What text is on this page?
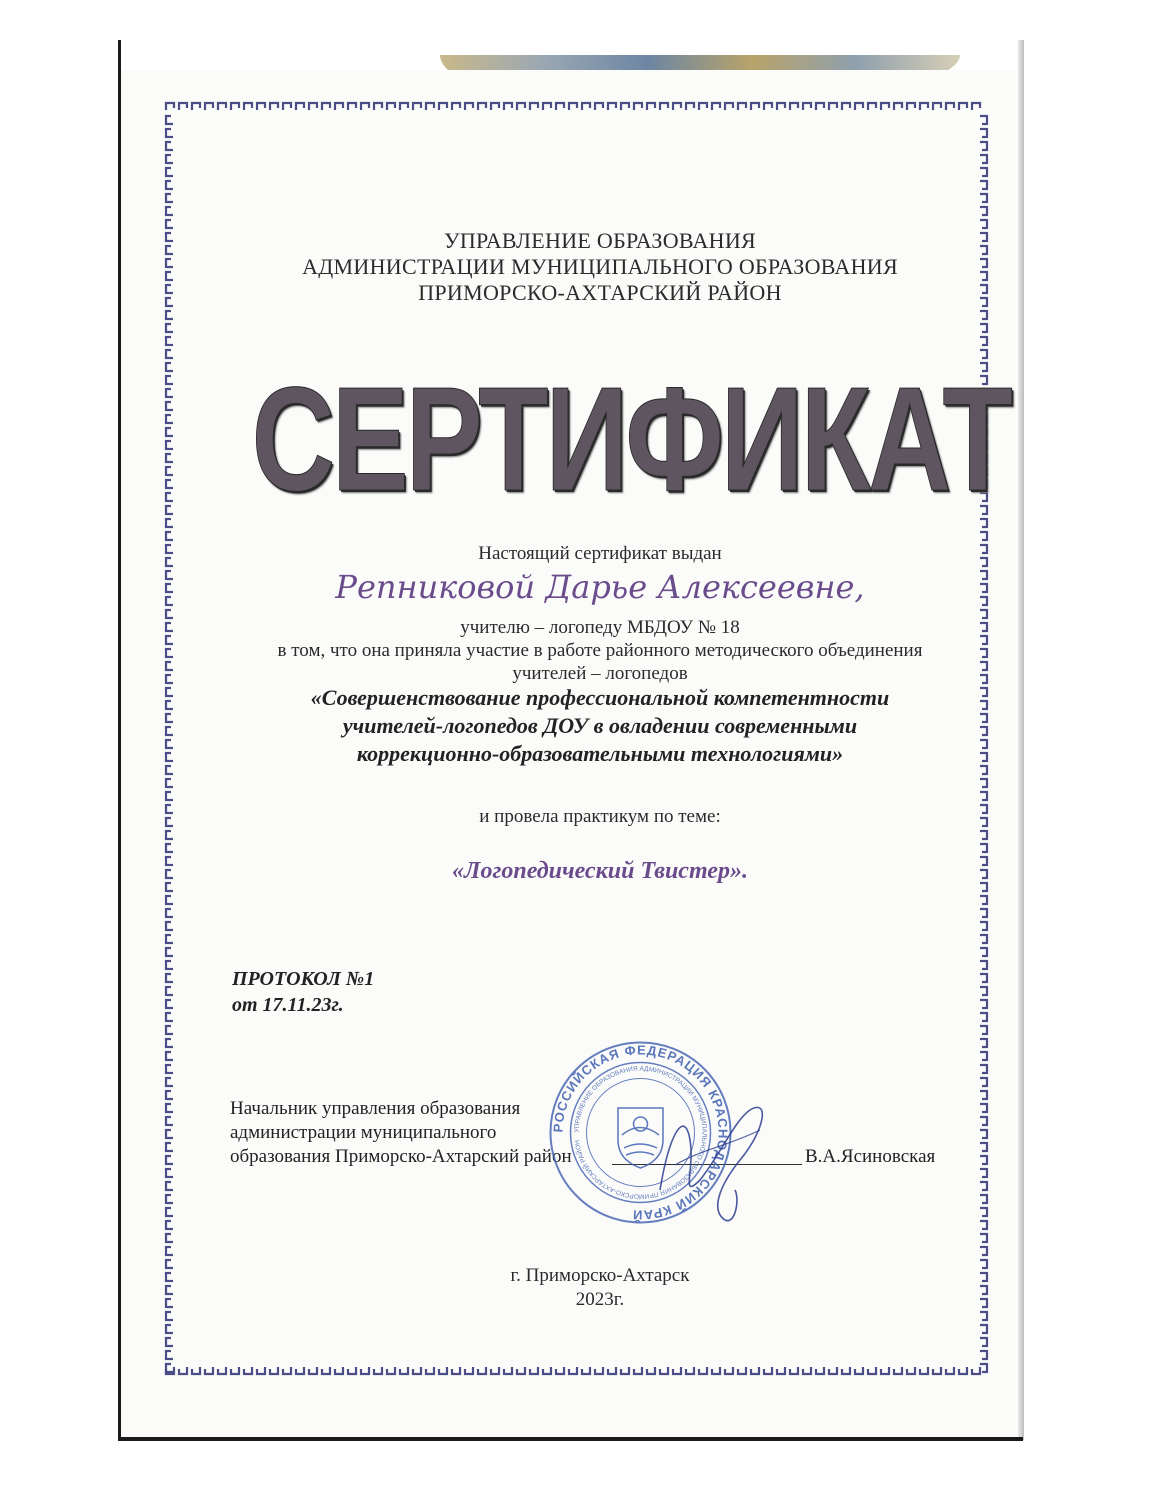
УПРАВЛЕНИЕ ОБРАЗОВАНИЯ
АДМИНИСТРАЦИИ МУНИЦИПАЛЬНОГО ОБРАЗОВАНИЯ
ПРИМОРСКО-АХТАРСКИЙ РАЙОН
СЕРТИФИКАТ
Настоящий сертификат выдан
Репниковой Дарье Алексеевне,
учителю – логопеду МБДОУ № 18
в том, что она приняла участие в работе районного методического объединения
учителей – логопедов
«Совершенствование профессиональной компетентности
учителей-логопедов ДОУ в овладении современными
коррекционно-образовательными технологиями»
и провела практикум по теме:
«Логопедический Твистер».
ПРОТОКОЛ №1
от 17.11.23г.
Начальник управления образования
администрации муниципального
образования Приморско-Ахтарский район	В.А.Ясиновская
РОССИЙСКАЯ ФЕДЕРАЦИЯ КРАСНОДАРСКИЙ КРАЙ
УПРАВЛЕНИЕ ОБРАЗОВАНИЯ АДМИНИСТРАЦИИ МУНИЦИПАЛЬНОГО ОБРАЗОВАНИЯ ПРИМОРСКО-АХТАРСКИЙ РАЙОН
г. Приморско-Ахтарск
2023г.
